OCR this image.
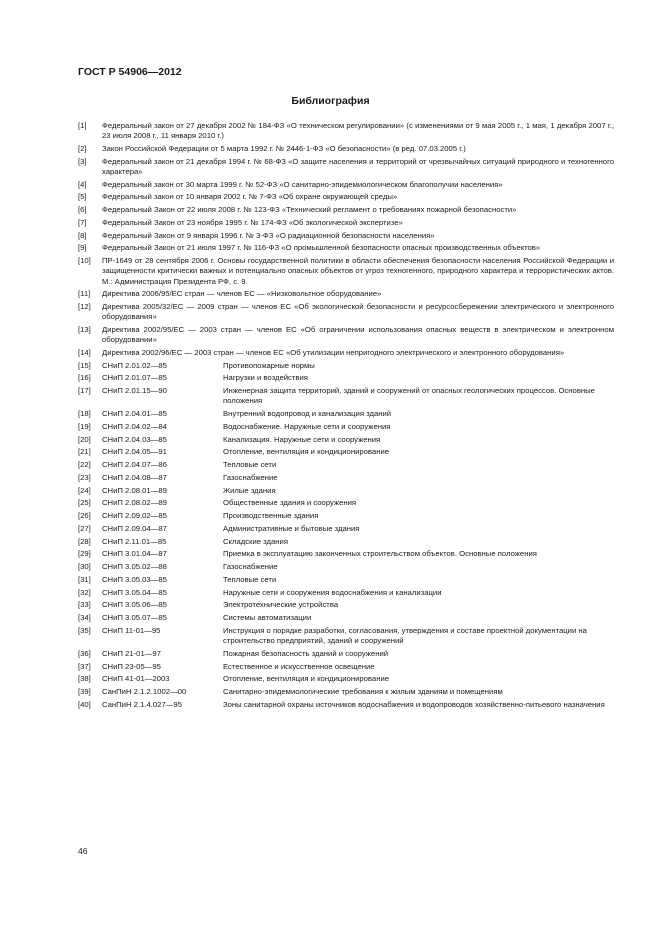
ГОСТ Р 54906—2012
Библиография
[1]	Федеральный закон от 27 декабря 2002 № 184-ФЗ «О техническом регулировании» (с изменениями от 9 мая 2005 г., 1 мая, 1 декабря 2007 г., 23 июля 2008 г., 11 января 2010 г.)
[2]	Закон Российской Федерации от 5 марта 1992 г. № 2446-1-ФЗ «О безопасности» (в ред. 07.03.2005 г.)
[3]	Федеральный закон от 21 декабря 1994 г. № 68-ФЗ «О защите населения и территорий от чрезвычайных ситуаций природного и техногенного характера»
[4]	Федеральный закон от 30 марта 1999 г. № 52-ФЗ «О санитарно-эпидемиологическом благополучии населения»
[5]	Федеральный закон от 10 января 2002 г. № 7-ФЗ «Об охране окружающей среды»
[6]	Федеральный Закон от 22 июля 2008 г. № 123-ФЗ «Технический регламент о требованиях пожарной безопасности»
[7]	Федеральный Закон от 23 ноября 1995 г. № 174-ФЗ «Об экологической экспертизе»
[8]	Федеральный Закон от 9 января 1996 г. № 3-ФЗ «О радиационной безопасности населения»
[9]	Федеральный Закон от 21 июля 1997 г. № 116-ФЗ «О промышленной безопасности опасных производственных объектов»
[10]	ПР-1649 от 28 сентября 2006 г. Основы государственной политики в области обеспечения безопасности населения Российской Федерации и защищенности критически важных и потенциально опасных объектов от угроз техногенного, природного характера и террористических актов. М.: Администрация Президента РФ, с. 9.
[11]	Директива 2006/95/ЕС стран — членов ЕС — «Низковольтное оборудование»
[12]	Директива 2005/32/ЕС — 2009 стран — членов ЕС «Об экологической безопасности и ресурсосбережении электрического и электронного оборудования»
[13]	Директива 2002/95/ЕС — 2003 стран — членов ЕС «Об ограничении использования опасных веществ в электрическом и электронном оборудовании»
[14]	Директива 2002/96/ЕС — 2003 стран — членов ЕС «Об утилизации непригодного электрического и электронного оборудования»
[15]	СНиП 2.01.02—85	Противопожарные нормы
[16]	СНиП 2.01.07—85	Нагрузки и воздействия
[17]	СНиП 2.01.15—90	Инженерная защита территорий, зданий и сооружений от опасных геологических процессов. Основные положения
[18]	СНиП 2.04.01—85	Внутренний водопровод и канализация зданий
[19]	СНиП 2.04.02—84	Водоснабжение. Наружные сети и сооружения
[20]	СНиП 2.04.03—85	Канализация. Наружные сети и сооружения
[21]	СНиП 2.04.05—91	Отопление, вентиляция и кондиционирование
[22]	СНиП 2.04.07—86	Тепловые сети
[23]	СНиП 2.04.08—87	Газоснабжение
[24]	СНиП 2.08.01—89	Жилые здания
[25]	СНиП 2.08.02—89	Общественные здания и сооружения
[26]	СНиП 2.09.02—85	Производственные здания
[27]	СНиП 2.09.04—87	Административные и бытовые здания
[28]	СНиП 2.11.01—85	Складские здания
[29]	СНиП 3.01.04—87	Приемка в эксплуатацию законченных строительством объектов. Основные положения
[30]	СНиП 3.05.02—88	Газоснабжение
[31]	СНиП 3.05.03—85	Тепловые сети
[32]	СНиП 3.05.04—85	Наружные сети и сооружения водоснабжения и канализации
[33]	СНиП 3.05.06—85	Электротехнические устройства
[34]	СНиП 3.05.07—85	Системы автоматизации
[35]	СНиП 11-01—95	Инструкция о порядке разработки, согласования, утверждения и составе проектной документации на строительство предприятий, зданий и сооружений
[36]	СНиП 21-01—97	Пожарная безопасность зданий и сооружений
[37]	СНиП 23-05—95	Естественное и искусственное освещение
[38]	СНиП 41-01—2003	Отопление, вентиляция и кондиционирование
[39]	СанПиН 2.1.2.1002—00	Санитарно-эпидемиологические требования к жилым зданиям и помещениям
[40]	СанПиН 2.1.4.027—95	Зоны санитарной охраны источников водоснабжения и водопроводов хозяйственно-питьевого назначения
46
